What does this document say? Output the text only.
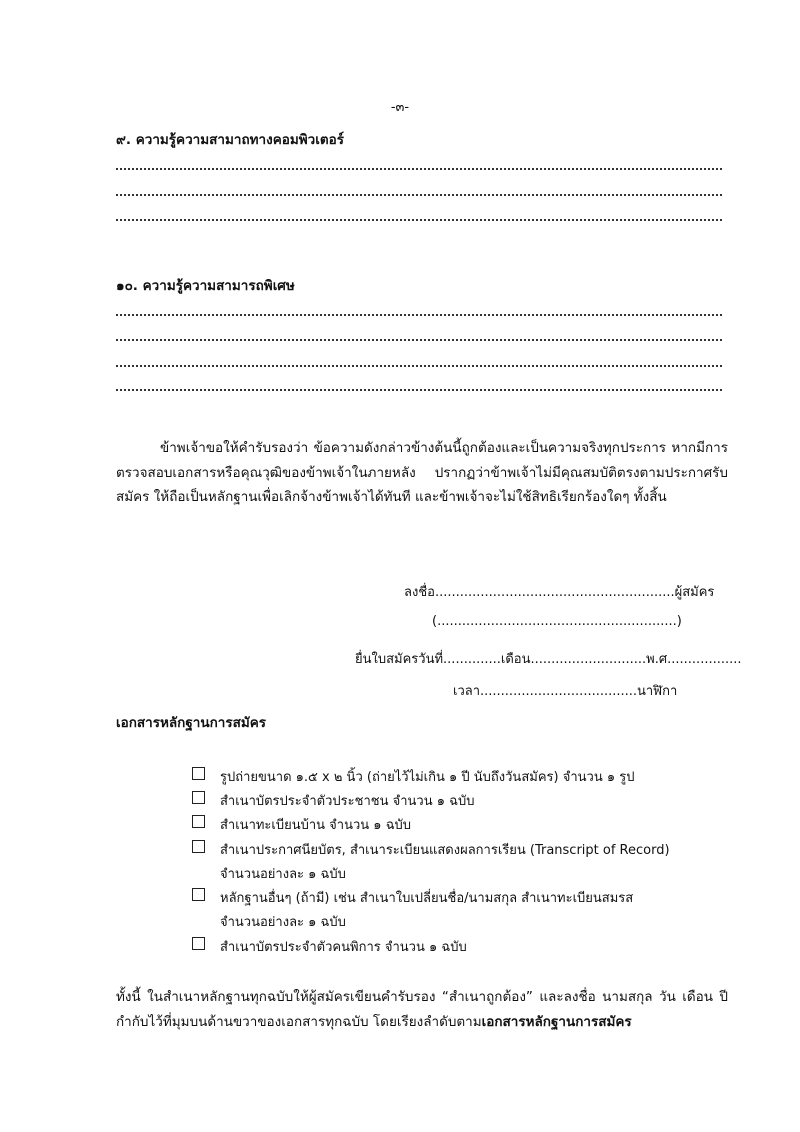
-๓-
๙. ความรู้ความสามาถทางคอมพิวเตอร์
๑๐. ความรู้ความสามารถพิเศษ
ข้าพเจ้าขอให้คำรับรองว่า ข้อความดังกล่าวข้างต้นนี้ถูกต้องและเป็นความจริงทุกประการ หากมีการตรวจสอบเอกสารหรือคุณวุฒิของข้าพเจ้าในภายหลัง ปรากฏว่าข้าพเจ้าไม่มีคุณสมบัติตรงตามประกาศรับสมัคร ให้ถือเป็นหลักฐานเพื่อเลิกจ้างข้าพเจ้าได้ทันที และข้าพเจ้าจะไม่ใช้สิทธิเรียกร้องใดๆ ทั้งสิ้น
ลงชื่อ..........................................................ผู้สมัคร
(..........................................................)
ยื่นใบสมัครวันที่..............เดือน............................พ.ศ..................
เวลา......................................นาฬิกา
เอกสารหลักฐานการสมัคร
รูปถ่ายขนาด ๑.๕ x ๒ นิ้ว (ถ่ายไว้ไม่เกิน ๑ ปี นับถึงวันสมัคร) จำนวน ๑ รูป
สำเนาบัตรประจำตัวประชาชน จำนวน ๑ ฉบับ
สำเนาทะเบียนบ้าน จำนวน ๑ ฉบับ
สำเนาประกาศนียบัตร, สำเนาระเบียนแสดงผลการเรียน (Transcript of Record)
จำนวนอย่างละ ๑ ฉบับ
หลักฐานอื่นๆ (ถ้ามี) เช่น สำเนาใบเปลี่ยนชื่อ/นามสกุล สำเนาทะเบียนสมรส
จำนวนอย่างละ ๑ ฉบับ
สำเนาบัตรประจำตัวคนพิการ จำนวน ๑ ฉบับ
ทั้งนี้ ในสำเนาหลักฐานทุกฉบับให้ผู้สมัครเขียนคำรับรอง “สำเนาถูกต้อง” และลงชื่อ นามสกุล วัน เดือน ปี กำกับไว้ที่มุมบนด้านขวาของเอกสารทุกฉบับ โดยเรียงลำดับตามเอกสารหลักฐานการสมัคร
